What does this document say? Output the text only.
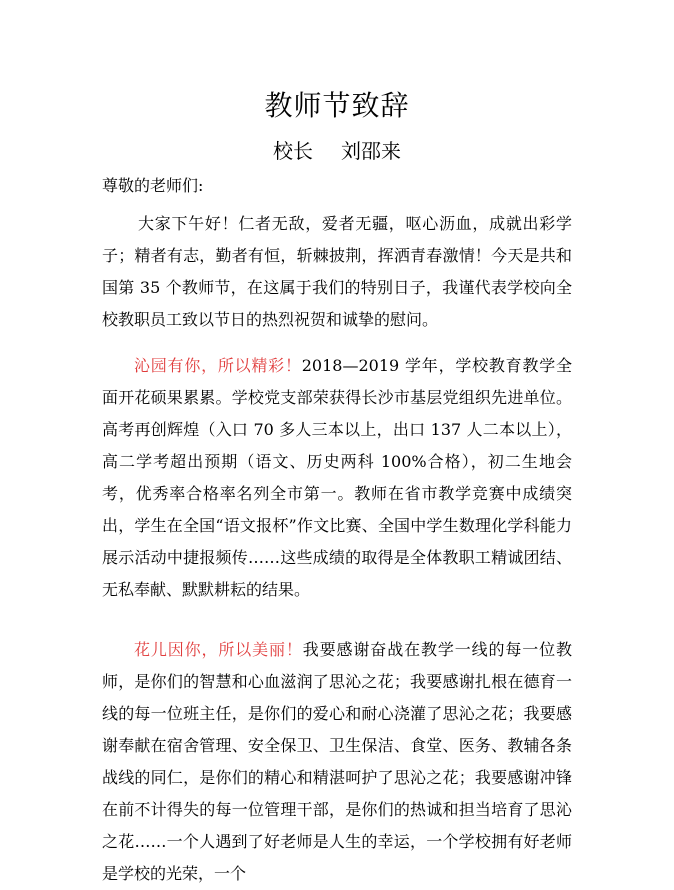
教师节致辞
校长 刘邵来
尊敬的老师们:
大家下午好！仁者无敌，爱者无疆，呕心沥血，成就出彩学子；精者有志，勤者有恒，斩棘披荆，挥洒青春激情！今天是共和国第 35 个教师节，在这属于我们的特别日子，我谨代表学校向全校教职员工致以节日的热烈祝贺和诚挚的慰问。
沁园有你，所以精彩！2018—2019 学年，学校教育教学全面开花硕果累累。学校党支部荣获得长沙市基层党组织先进单位。高考再创辉煌（入口 70 多人三本以上，出口 137 人二本以上），高二学考超出预期（语文、历史两科 100%合格），初二生地会考，优秀率合格率名列全市第一。教师在省市教学竞赛中成绩突出，学生在全国“语文报杯”作文比赛、全国中学生数理化学科能力展示活动中捷报频传……这些成绩的取得是全体教职工精诚团结、无私奉献、默默耕耘的结果。
花儿因你，所以美丽！我要感谢奋战在教学一线的每一位教师，是你们的智慧和心血滋润了思沁之花；我要感谢扎根在德育一线的每一位班主任，是你们的爱心和耐心浇灌了思沁之花；我要感谢奉献在宿舍管理、安全保卫、卫生保洁、食堂、医务、教辅各条战线的同仁，是你们的精心和精湛呵护了思沁之花；我要感谢冲锋在前不计得失的每一位管理干部，是你们的热诚和担当培育了思沁之花……一个人遇到了好老师是人生的幸运，一个学校拥有好老师是学校的光荣，一个
